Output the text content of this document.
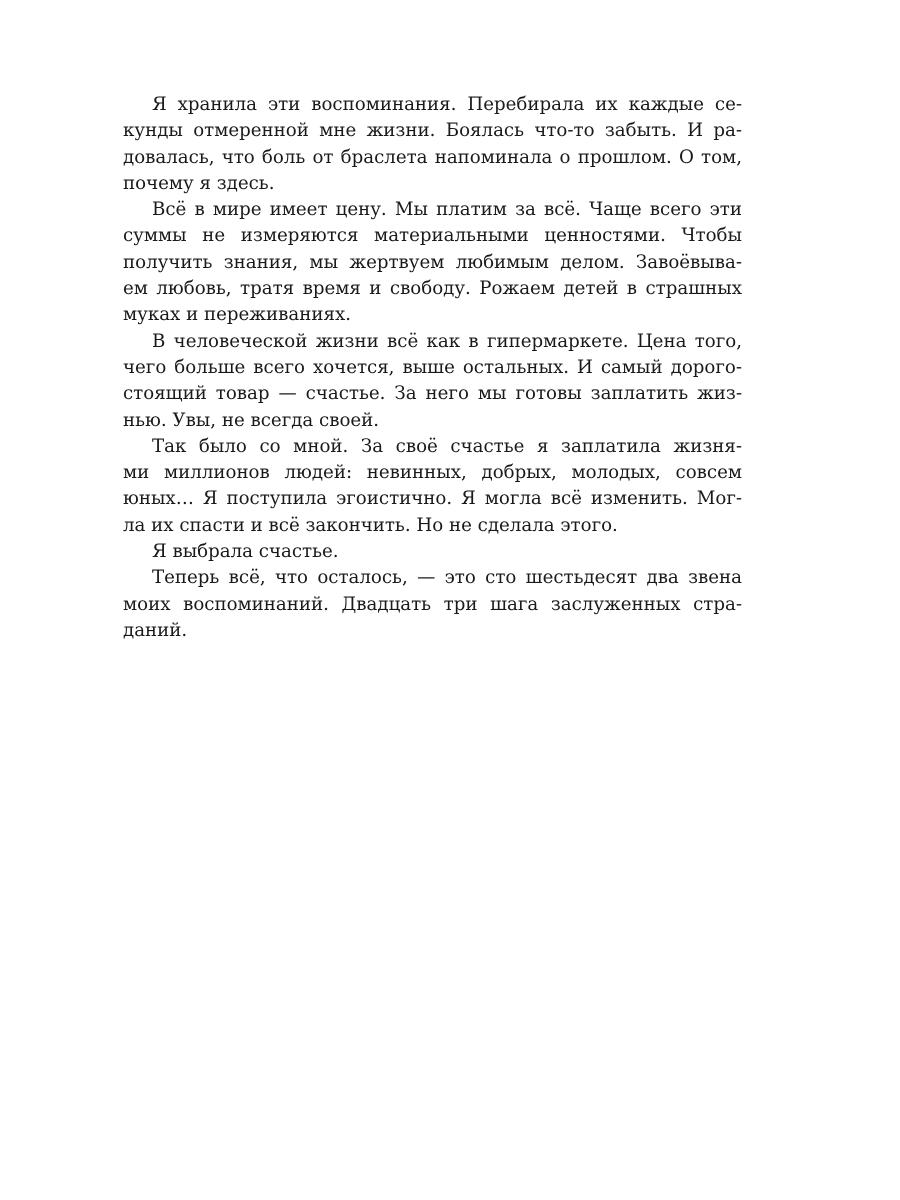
Я хранила эти воспоминания. Перебирала их каждые се-
кунды отмеренной мне жизни. Боялась что-то забыть. И ра-
довалась, что боль от браслета напоминала о прошлом. О том,
почему я здесь.
Всё в мире имеет цену. Мы платим за всё. Чаще всего эти
суммы не измеряются материальными ценностями. Чтобы
получить знания, мы жертвуем любимым делом. Завоёвыва-
ем любовь, тратя время и свободу. Рожаем детей в страшных
муках и переживаниях.
В человеческой жизни всё как в гипермаркете. Цена того,
чего больше всего хочется, выше остальных. И самый дорого-
стоящий товар — счастье. За него мы готовы заплатить жиз-
нью. Увы, не всегда своей.
Так было со мной. За своё счастье я заплатила жизня-
ми миллионов людей: невинных, добрых, молодых, совсем
юных… Я поступила эгоистично. Я могла всё изменить. Мог-
ла их спасти и всё закончить. Но не сделала этого.
Я выбрала счастье.
Теперь всё, что осталось, — это сто шестьдесят два звена
моих воспоминаний. Двадцать три шага заслуженных стра-
даний.
